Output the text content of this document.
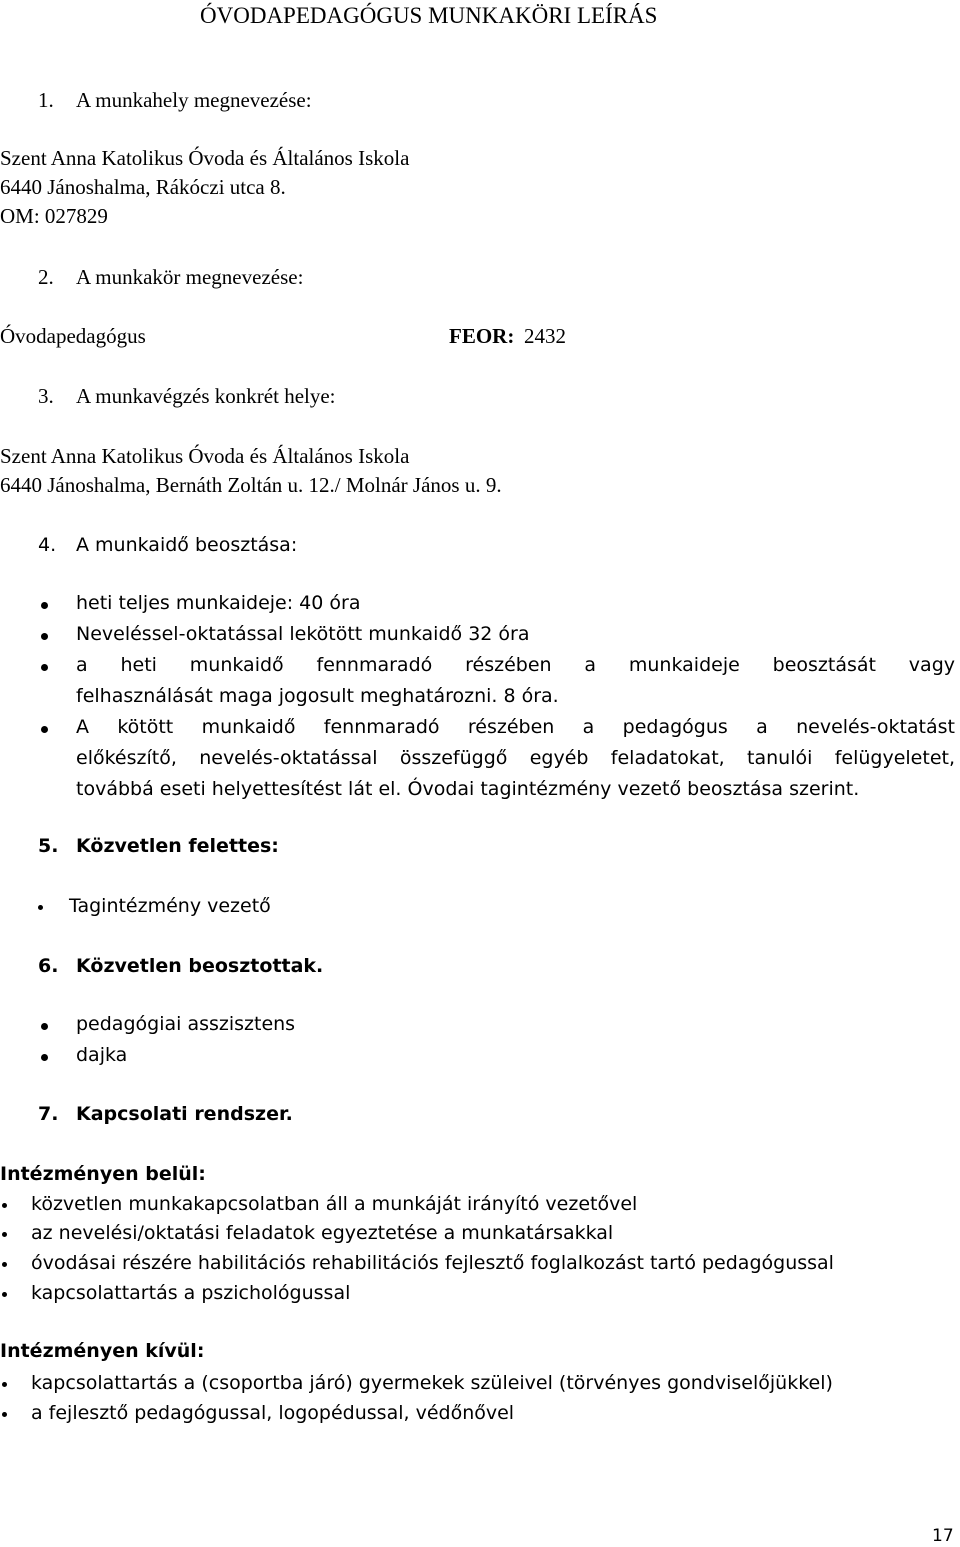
ÓVODAPEDAGÓGUS MUNKAKÖRI LEÍRÁS
1. A munkahely megnevezése:
Szent Anna Katolikus Óvoda és Általános Iskola
6440 Jánoshalma, Rákóczi utca 8.
OM: 027829
2. A munkakör megnevezése:
Óvodapedagógus	FEOR: 2432
3. A munkavégzés konkrét helye:
Szent Anna Katolikus Óvoda és Általános Iskola
6440 Jánoshalma, Bernáth Zoltán u. 12./ Molnár János u. 9.
4. A munkaidő beosztása:
heti teljes munkaideje: 40 óra
Neveléssel-oktatással lekötött munkaidő 32 óra
a heti munkaidő fennmaradó részében a munkaideje beosztását vagy
felhasználását maga jogosult meghatározni. 8 óra.
A kötött munkaidő fennmaradó részében a pedagógus a nevelés-oktatást
előkészítő, nevelés-oktatással összefüggő egyéb feladatokat, tanulói felügyeletet,
továbbá eseti helyettesítést lát el. Óvodai tagintézmény vezető beosztása szerint.
5. Közvetlen felettes:
Tagintézmény vezető
6. Közvetlen beosztottak.
pedagógiai asszisztens
dajka
7. Kapcsolati rendszer.
Intézményen belül:
közvetlen munkakapcsolatban áll a munkáját irányító vezetővel
az nevelési/oktatási feladatok egyeztetése a munkatársakkal
óvodásai részére habilitációs rehabilitációs fejlesztő foglalkozást tartó pedagógussal
kapcsolattartás a pszichológussal
Intézményen kívül:
kapcsolattartás a (csoportba járó) gyermekek szüleivel (törvényes gondviselőjükkel)
a fejlesztő pedagógussal, logopédussal, védőnővel
17
